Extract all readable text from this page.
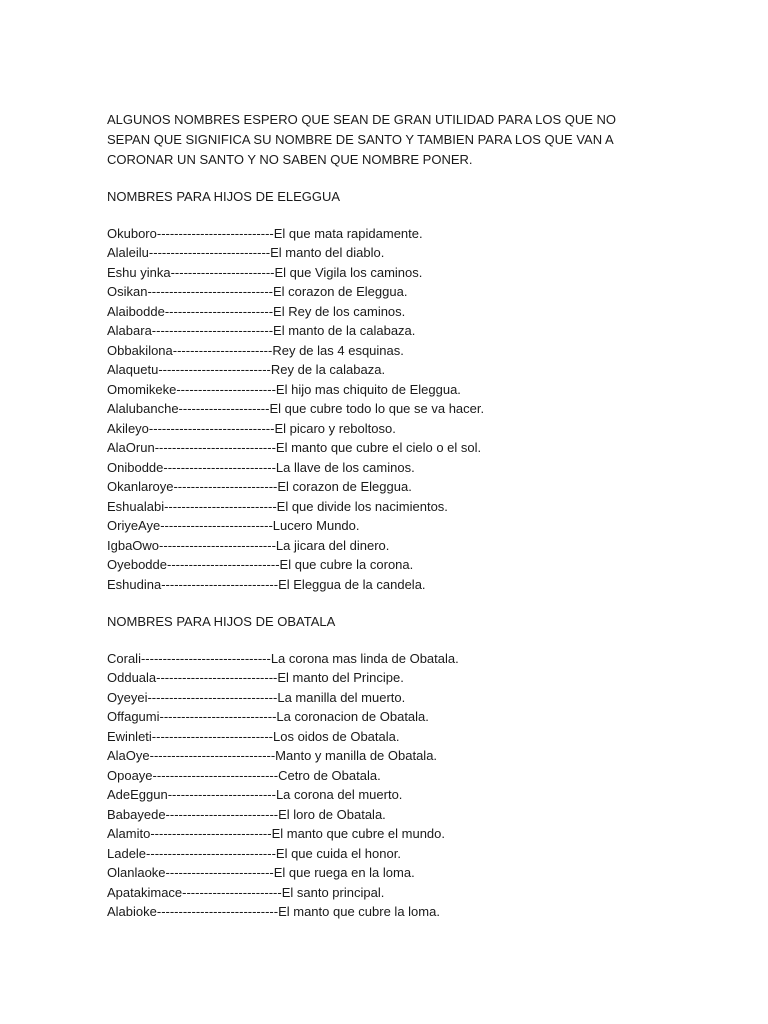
ALGUNOS NOMBRES ESPERO QUE SEAN DE GRAN UTILIDAD PARA LOS QUE NO
SEPAN QUE SIGNIFICA SU NOMBRE DE SANTO Y TAMBIEN PARA LOS QUE VAN A
CORONAR UN SANTO Y NO SABEN QUE NOMBRE PONER.

NOMBRES PARA HIJOS DE ELEGGUA

Okuboro---------------------------El que mata rapidamente.
Alaleilu----------------------------El manto del diablo.
Eshu yinka------------------------El que Vigila los caminos.
Osikan-----------------------------El corazon de Eleggua.
Alaibodde-------------------------El Rey de los caminos.
Alabara----------------------------El manto de la calabaza.
Obbakilona-----------------------Rey de las 4 esquinas.
Alaquetu--------------------------Rey de la calabaza.
Omomikeke-----------------------El hijo mas chiquito de Eleggua.
Alalubanche---------------------El que cubre todo lo que se va hacer.
Akileyo-----------------------------El picaro y reboltoso.
AlaOrun----------------------------El manto que cubre el cielo o el sol.
Onibodde--------------------------La llave de los caminos.
Okanlaroye------------------------El corazon de Eleggua.
Eshualabi--------------------------El que divide los nacimientos.
OriyeAye--------------------------Lucero Mundo.
IgbaOwo---------------------------La jicara del dinero.
Oyebodde--------------------------El que cubre la corona.
Eshudina---------------------------El Eleggua de la candela.

NOMBRES PARA HIJOS DE OBATALA

Corali------------------------------La corona mas linda de Obatala.
Odduala----------------------------El manto del Principe.
Oyeyei------------------------------La manilla del muerto.
Offagumi---------------------------La coronacion de Obatala.
Ewinleti----------------------------Los oidos de Obatala.
AlaOye-----------------------------Manto y manilla de Obatala.
Opoaye-----------------------------Cetro de Obatala.
AdeEggun-------------------------La corona del muerto.
Babayede--------------------------El loro de Obatala.
Alamito----------------------------El manto que cubre el mundo.
Ladele------------------------------El que cuida el honor.
Olanlaoke-------------------------El que ruega en la loma.
Apatakimace-----------------------El santo principal.
Alabioke----------------------------El manto que cubre la loma.
